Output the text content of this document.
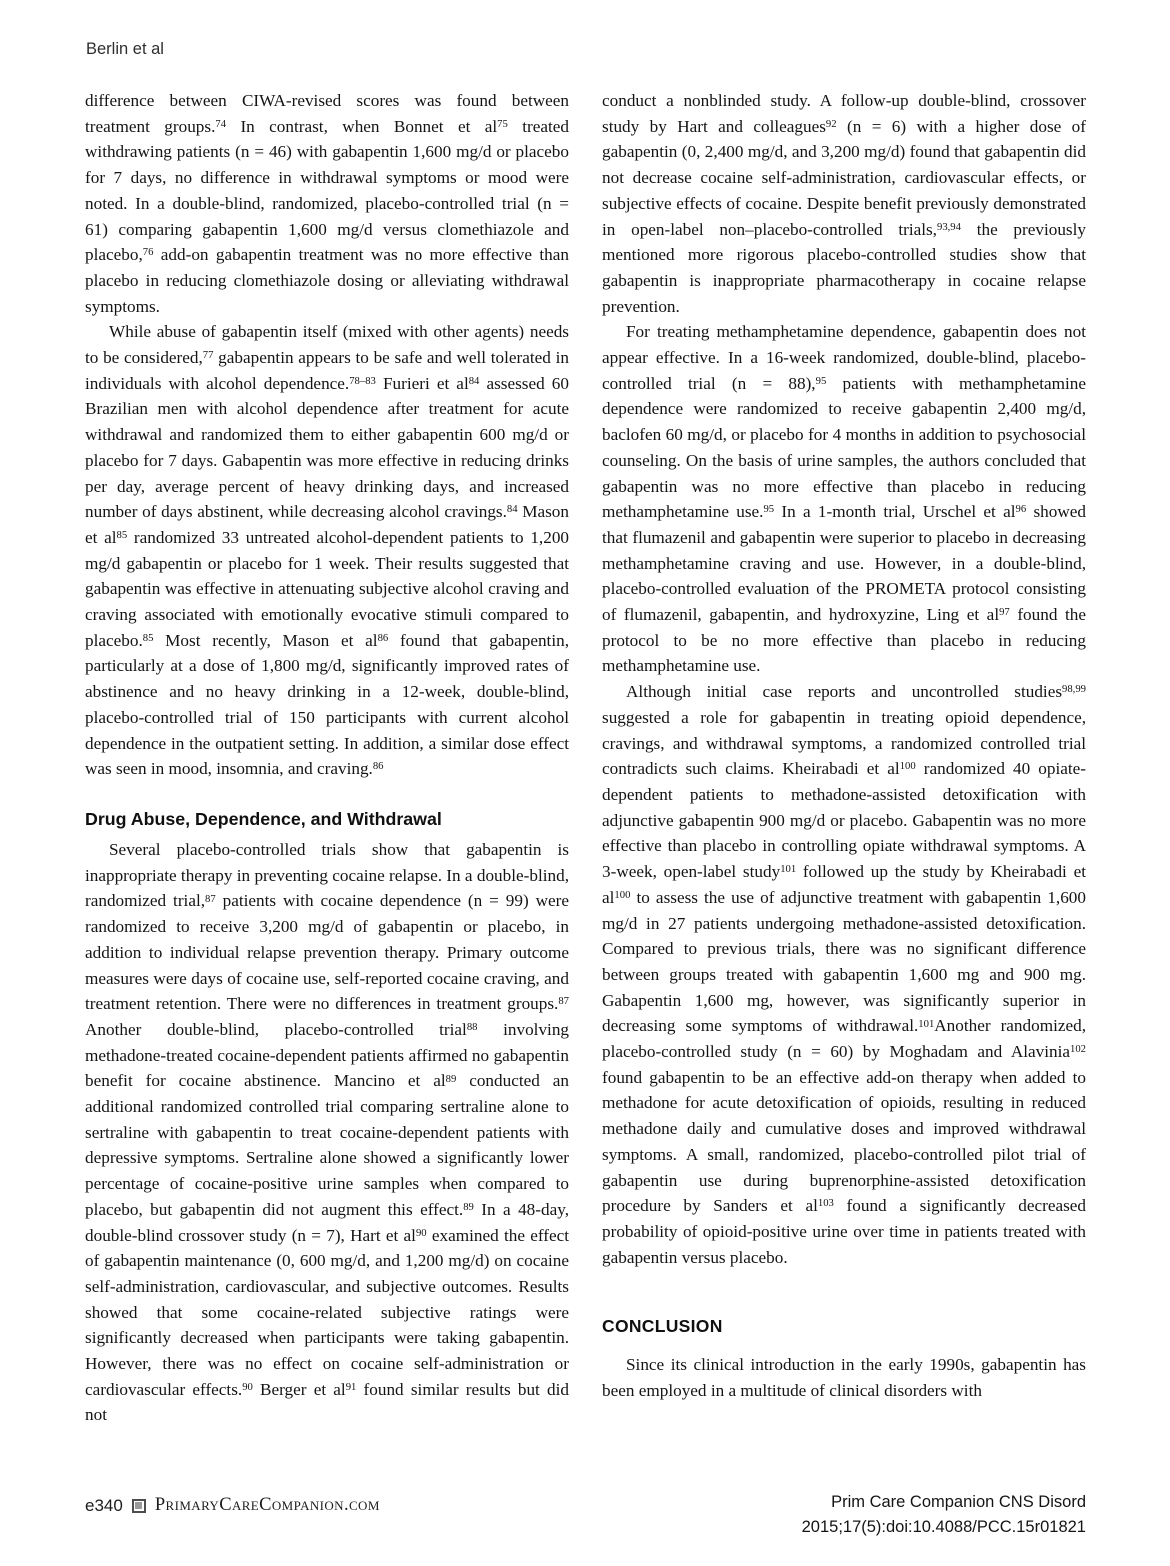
Berlin et al

difference between CIWA-revised scores was found between treatment groups.$^{74}$ In contrast, when Bonnet et $al^{75}$ treated withdrawing patients (n = 46) with gabapentin 1,600 mg/d or placebo for 7 days, no difference in withdrawal symptoms or mood were noted. In a double-blind, randomized, placebo-controlled trial (n = 61) comparing gabapentin 1,600 mg/d versus clomethiazole and placebo,$^{76}$ add-on gabapentin treatment was no more effective than placebo in reducing clomethiazole dosing or alleviating withdrawal symptoms.

While abuse of gabapentin itself (mixed with other agents) needs to be considered,$^{77}$ gabapentin appears to be safe and well tolerated in individuals with alcohol dependence.$^{78-83}$ Furieri et $al^{84}$ assessed 60 Brazilian men with alcohol dependence after treatment for acute withdrawal and randomized them to either gabapentin 600 mg/d or placebo for 7 days. Gabapentin was more effective in reducing drinks per day, average percent of heavy drinking days, and increased number of days abstinent, while decreasing alcohol cravings.$^{84}$ Mason et $al^{85}$ randomized 33 untreated alcohol-dependent patients to 1,200 mg/d gabapentin or placebo for 1 week. Their results suggested that gabapentin was effective in attenuating subjective alcohol craving and craving associated with emotionally evocative stimuli compared to placebo.$^{85}$ Most recently, Mason et $al^{86}$ found that gabapentin, particularly at a dose of 1,800 mg/d, significantly improved rates of abstinence and no heavy drinking in a 12-week, double-blind, placebo-controlled trial of 150 participants with current alcohol dependence in the outpatient setting. In addition, a similar dose effect was seen in mood, insomnia, and craving.$^{86}$

Drug Abuse, Dependence, and Withdrawal

Several placebo-controlled trials show that gabapentin is inappropriate therapy in preventing cocaine relapse. In a double-blind, randomized trial,$^{87}$ patients with cocaine dependence (n = 99) were randomized to receive 3,200 mg/d of gabapentin or placebo, in addition to individual relapse prevention therapy. Primary outcome measures were days of cocaine use, self-reported cocaine craving, and treatment retention. There were no differences in treatment groups.$^{87}$ Another double-blind, placebo-controlled trial$^{88}$ involving methadone-treated cocaine-dependent patients affirmed no gabapentin benefit for cocaine abstinence. Mancino et $al^{89}$ conducted an additional randomized controlled trial comparing sertraline alone to sertraline with gabapentin to treat cocaine-dependent patients with depressive symptoms. Sertraline alone showed a significantly lower percentage of cocaine-positive urine samples when compared to placebo, but gabapentin did not augment this effect.$^{89}$ In a 48-day, double-blind crossover study (n = 7), Hart et $al^{90}$ examined the effect of gabapentin maintenance (0, 600 mg/d, and 1,200 mg/d) on cocaine self-administration, cardiovascular, and subjective outcomes. Results showed that some cocaine-related subjective ratings were significantly decreased when participants were taking gabapentin. However, there was no effect on cocaine self-administration or cardiovascular effects.$^{90}$ Berger et $al^{91}$ found similar results but did not

conduct a nonblinded study. A follow-up double-blind, crossover study by Hart and colleagues$^{92}$ (n = 6) with a higher dose of gabapentin (0, 2,400 mg/d, and 3,200 mg/d) found that gabapentin did not decrease cocaine self-administration, cardiovascular effects, or subjective effects of cocaine. Despite benefit previously demonstrated in open-label non–placebo-controlled trials,$^{93,94}$ the previously mentioned more rigorous placebo-controlled studies show that gabapentin is inappropriate pharmacotherapy in cocaine relapse prevention.

For treating methamphetamine dependence, gabapentin does not appear effective. In a 16-week randomized, double-blind, placebo-controlled trial (n = 88),$^{95}$ patients with methamphetamine dependence were randomized to receive gabapentin 2,400 mg/d, baclofen 60 mg/d, or placebo for 4 months in addition to psychosocial counseling. On the basis of urine samples, the authors concluded that gabapentin was no more effective than placebo in reducing methamphetamine use.$^{95}$ In a 1-month trial, Urschel et $al^{96}$ showed that flumazenil and gabapentin were superior to placebo in decreasing methamphetamine craving and use. However, in a double-blind, placebo-controlled evaluation of the PROMETA protocol consisting of flumazenil, gabapentin, and hydroxyzine, Ling et $al^{97}$ found the protocol to be no more effective than placebo in reducing methamphetamine use.

Although initial case reports and uncontrolled studies$^{98,99}$ suggested a role for gabapentin in treating opioid dependence, cravings, and withdrawal symptoms, a randomized controlled trial contradicts such claims. Kheirabadi et $al^{100}$ randomized 40 opiate-dependent patients to methadone-assisted detoxification with adjunctive gabapentin 900 mg/d or placebo. Gabapentin was no more effective than placebo in controlling opiate withdrawal symptoms. A 3-week, open-label study$^{101}$ followed up the study by Kheirabadi et $al^{100}$ to assess the use of adjunctive treatment with gabapentin 1,600 mg/d in 27 patients undergoing methadone-assisted detoxification. Compared to previous trials, there was no significant difference between groups treated with gabapentin 1,600 mg and 900 mg. Gabapentin 1,600 mg, however, was significantly superior in decreasing some symptoms of withdrawal.$^{101}$Another randomized, placebo-controlled study (n = 60) by Moghadam and Alavinia$^{102}$ found gabapentin to be an effective add-on therapy when added to methadone for acute detoxification of opioids, resulting in reduced methadone daily and cumulative doses and improved withdrawal symptoms. A small, randomized, placebo-controlled pilot trial of gabapentin use during buprenorphine-assisted detoxification procedure by Sanders et $al^{103}$ found a significantly decreased probability of opioid-positive urine over time in patients treated with gabapentin versus placebo.

CONCLUSION

Since its clinical introduction in the early 1990s, gabapentin has been employed in a multitude of clinical disorders with

e340 PrimaryCareCompanion.com	Prim Care Companion CNS Disord
2015;17(5):doi:10.4088/PCC.15r01821
